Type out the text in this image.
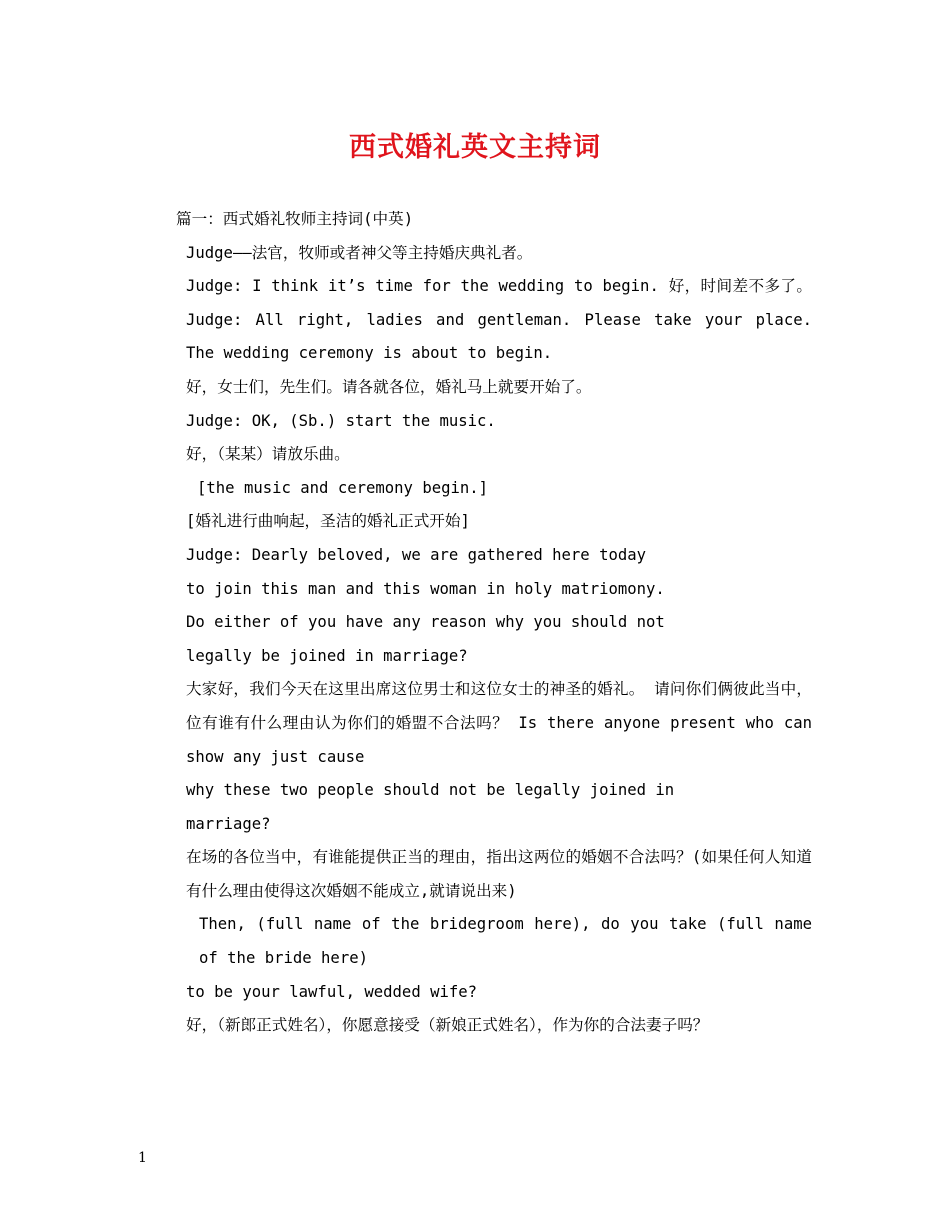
西式婚礼英文主持词

篇一：西式婚礼牧师主持词(中英)

Judge——法官，牧师或者神父等主持婚庆典礼者。

Judge: I think it’s time for the wedding to begin. 好，时间差不多了。 Judge: All right, ladies and gentleman. Please take your place. The wedding ceremony is about to begin.

好，女士们，先生们。请各就各位，婚礼马上就要开始了。

Judge: OK, (Sb.) start the music.

好，（某某）请放乐曲。

[the music and ceremony begin.]

[婚礼进行曲响起，圣洁的婚礼正式开始]

Judge: Dearly beloved, we are gathered here today

to join this man and this woman in holy matriomony.

Do either of you have any reason why you should not

legally be joined in marriage?

大家好，我们今天在这里出席这位男士和这位女士的神圣的婚礼。 请问你们俩彼此当中，位有谁有什么理由认为你们的婚盟不合法吗？ Is there anyone present who can show any just cause

why these two people should not be legally joined in

marriage?

在场的各位当中，有谁能提供正当的理由，指出这两位的婚姻不合法吗？(如果任何人知道有什么理由使得这次婚姻不能成立,就请说出来)

Then, (full name of the bridegroom here), do you take (full name of the bride here)

to be your lawful, wedded wife?

好，（新郎正式姓名），你愿意接受（新娘正式姓名），作为你的合法妻子吗？

1
